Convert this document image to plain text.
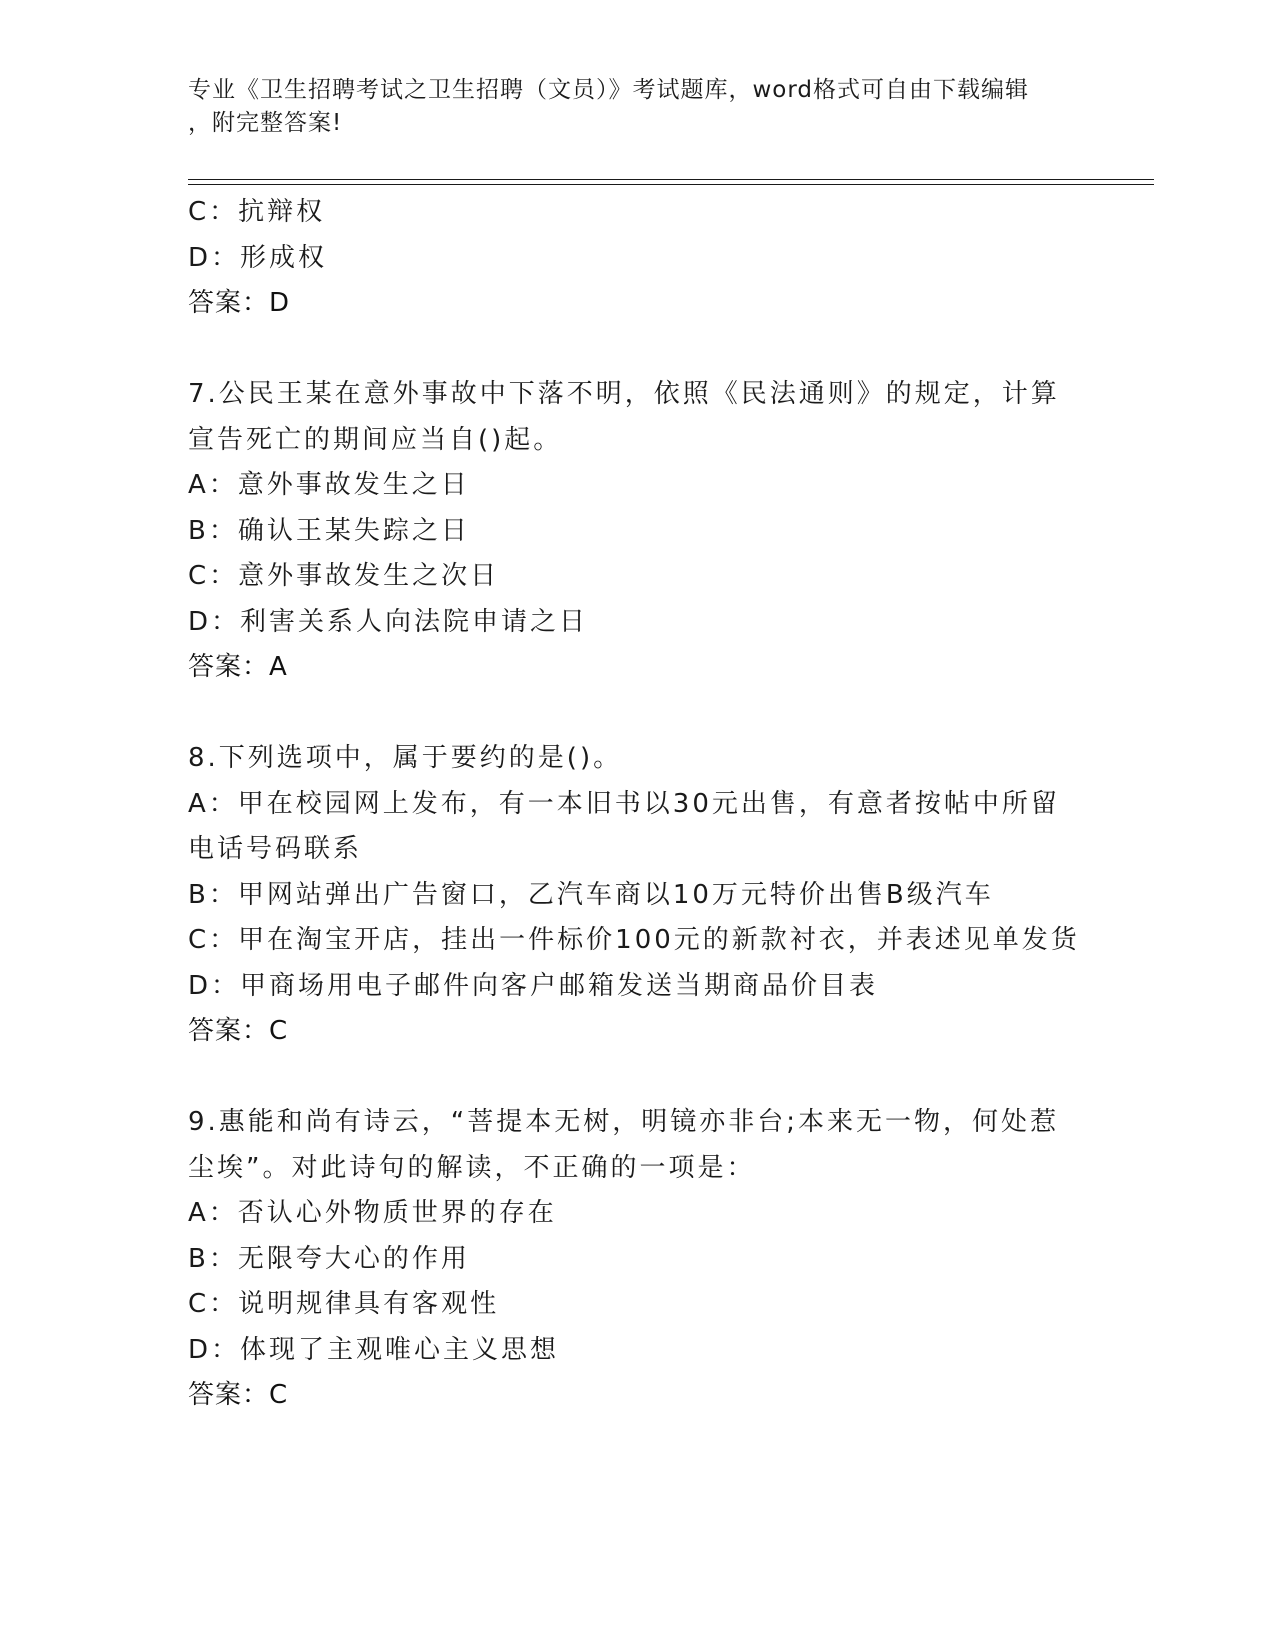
专业《卫生招聘考试之卫生招聘（文员）》考试题库，word格式可自由下载编辑
，附完整答案!
C：抗辩权
D：形成权
答案：D
7.公民王某在意外事故中下落不明，依照《民法通则》的规定，计算
宣告死亡的期间应当自()起。
A：意外事故发生之日
B：确认王某失踪之日
C：意外事故发生之次日
D：利害关系人向法院申请之日
答案：A
8.下列选项中，属于要约的是()。
A：甲在校园网上发布，有一本旧书以30元出售，有意者按帖中所留
电话号码联系
B：甲网站弹出广告窗口，乙汽车商以10万元特价出售B级汽车
C：甲在淘宝开店，挂出一件标价100元的新款衬衣，并表述见单发货
D：甲商场用电子邮件向客户邮箱发送当期商品价目表
答案：C
9.惠能和尚有诗云，“菩提本无树，明镜亦非台;本来无一物，何处惹
尘埃”。对此诗句的解读，不正确的一项是：
A：否认心外物质世界的存在
B：无限夸大心的作用
C：说明规律具有客观性
D：体现了主观唯心主义思想
答案：C
